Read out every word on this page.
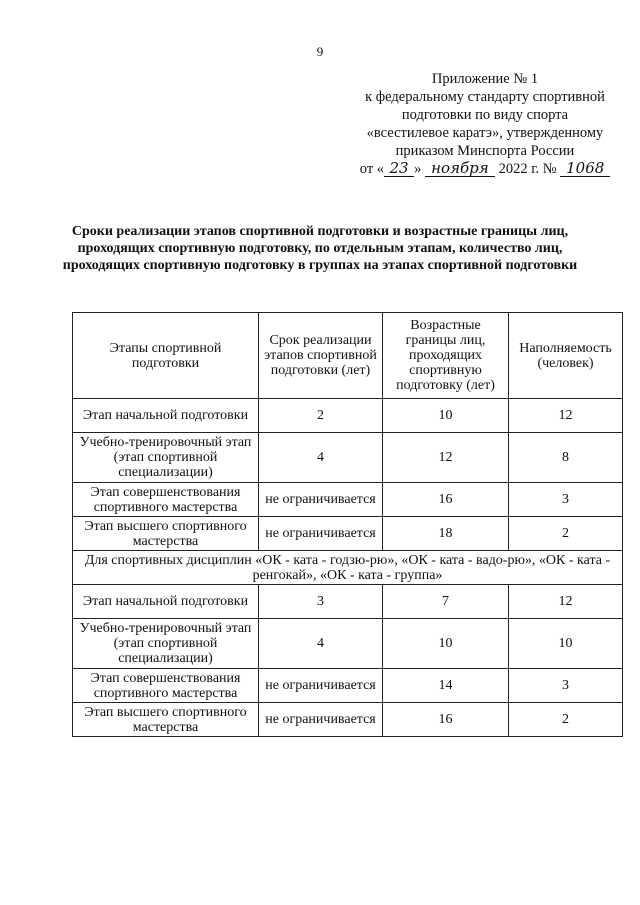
9
Приложение № 1
к федеральному стандарту спортивной
подготовки по виду спорта
«всестилевое каратэ», утвержденному
приказом Минспорта России
от « 23 » ноября 2022 г. № 1068
Сроки реализации этапов спортивной подготовки и возрастные границы лиц, проходящих спортивную подготовку, по отдельным этапам, количество лиц, проходящих спортивную подготовку в группах на этапах спортивной подготовки
Этапы спортивной подготовки	Срок реализации этапов спортивной подготовки (лет)	Возрастные границы лиц, проходящих спортивную подготовку (лет)	Наполняемость (человек)
Этап начальной подготовки	2	10	12
Учебно-тренировочный этап (этап спортивной специализации)	4	12	8
Этап совершенствования спортивного мастерства	не ограничивается	16	3
Этап высшего спортивного мастерства	не ограничивается	18	2
Для спортивных дисциплин «ОК - ката - годзю-рю», «ОК - ката - вадо-рю», «ОК - ката - ренгокай», «ОК - ката - группа»			
Этап начальной подготовки	3	7	12
Учебно-тренировочный этап (этап спортивной специализации)	4	10	10
Этап совершенствования спортивного мастерства	не ограничивается	14	3
Этап высшего спортивного мастерства	не ограничивается	16	2
